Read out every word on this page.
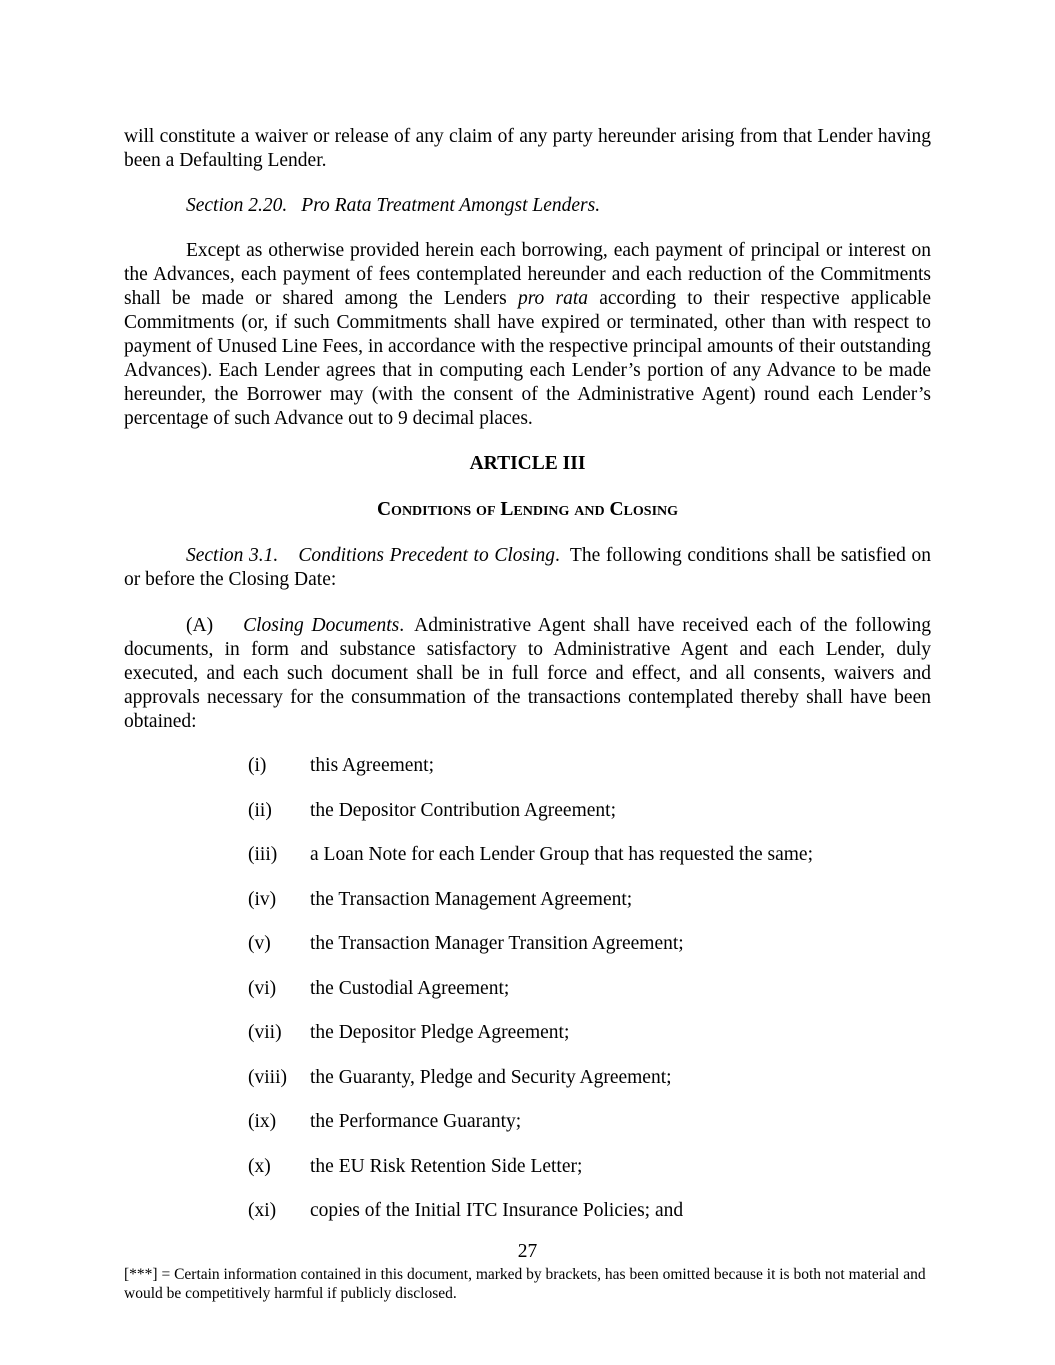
will constitute a waiver or release of any claim of any party hereunder arising from that Lender having been a Defaulting Lender.

Section 2.20. Pro Rata Treatment Amongst Lenders.

Except as otherwise provided herein each borrowing, each payment of principal or interest on the Advances, each payment of fees contemplated hereunder and each reduction of the Commitments shall be made or shared among the Lenders pro rata according to their respective applicable Commitments (or, if such Commitments shall have expired or terminated, other than with respect to payment of Unused Line Fees, in accordance with the respective principal amounts of their outstanding Advances). Each Lender agrees that in computing each Lender’s portion of any Advance to be made hereunder, the Borrower may (with the consent of the Administrative Agent) round each Lender’s percentage of such Advance out to 9 decimal places.

ARTICLE III
Conditions of Lending and Closing

Section 3.1. Conditions Precedent to Closing. The following conditions shall be satisfied on or before the Closing Date:

(A) Closing Documents. Administrative Agent shall have received each of the following documents, in form and substance satisfactory to Administrative Agent and each Lender, duly executed, and each such document shall be in full force and effect, and all consents, waivers and approvals necessary for the consummation of the transactions contemplated thereby shall have been obtained:

(i) this Agreement;
(ii) the Depositor Contribution Agreement;
(iii) a Loan Note for each Lender Group that has requested the same;
(iv) the Transaction Management Agreement;
(v) the Transaction Manager Transition Agreement;
(vi) the Custodial Agreement;
(vii) the Depositor Pledge Agreement;
(viii) the Guaranty, Pledge and Security Agreement;
(ix) the Performance Guaranty;
(x) the EU Risk Retention Side Letter;
(xi) copies of the Initial ITC Insurance Policies; and
27
[***] = Certain information contained in this document, marked by brackets, has been omitted because it is both not material and would be competitively harmful if publicly disclosed.
